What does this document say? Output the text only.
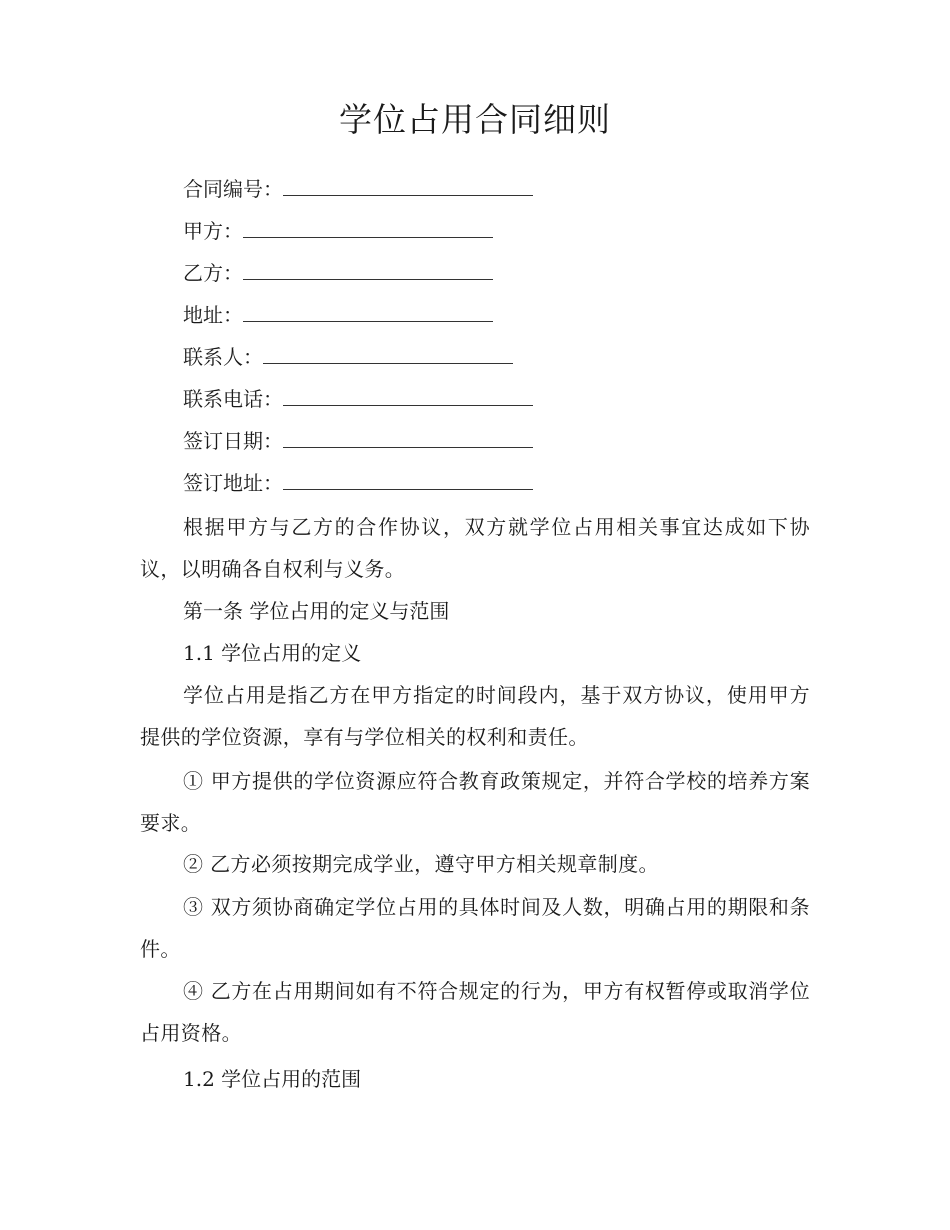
学位占用合同细则
合同编号：
甲方：
乙方：
地址：
联系人：
联系电话：
签订日期：
签订地址：
根据甲方与乙方的合作协议，双方就学位占用相关事宜达成如下协议，以明确各自权利与义务。
第一条 学位占用的定义与范围
1.1 学位占用的定义
学位占用是指乙方在甲方指定的时间段内，基于双方协议，使用甲方提供的学位资源，享有与学位相关的权利和责任。
① 甲方提供的学位资源应符合教育政策规定，并符合学校的培养方案要求。
② 乙方必须按期完成学业，遵守甲方相关规章制度。
③ 双方须协商确定学位占用的具体时间及人数，明确占用的期限和条件。
④ 乙方在占用期间如有不符合规定的行为，甲方有权暂停或取消学位占用资格。
1.2 学位占用的范围
